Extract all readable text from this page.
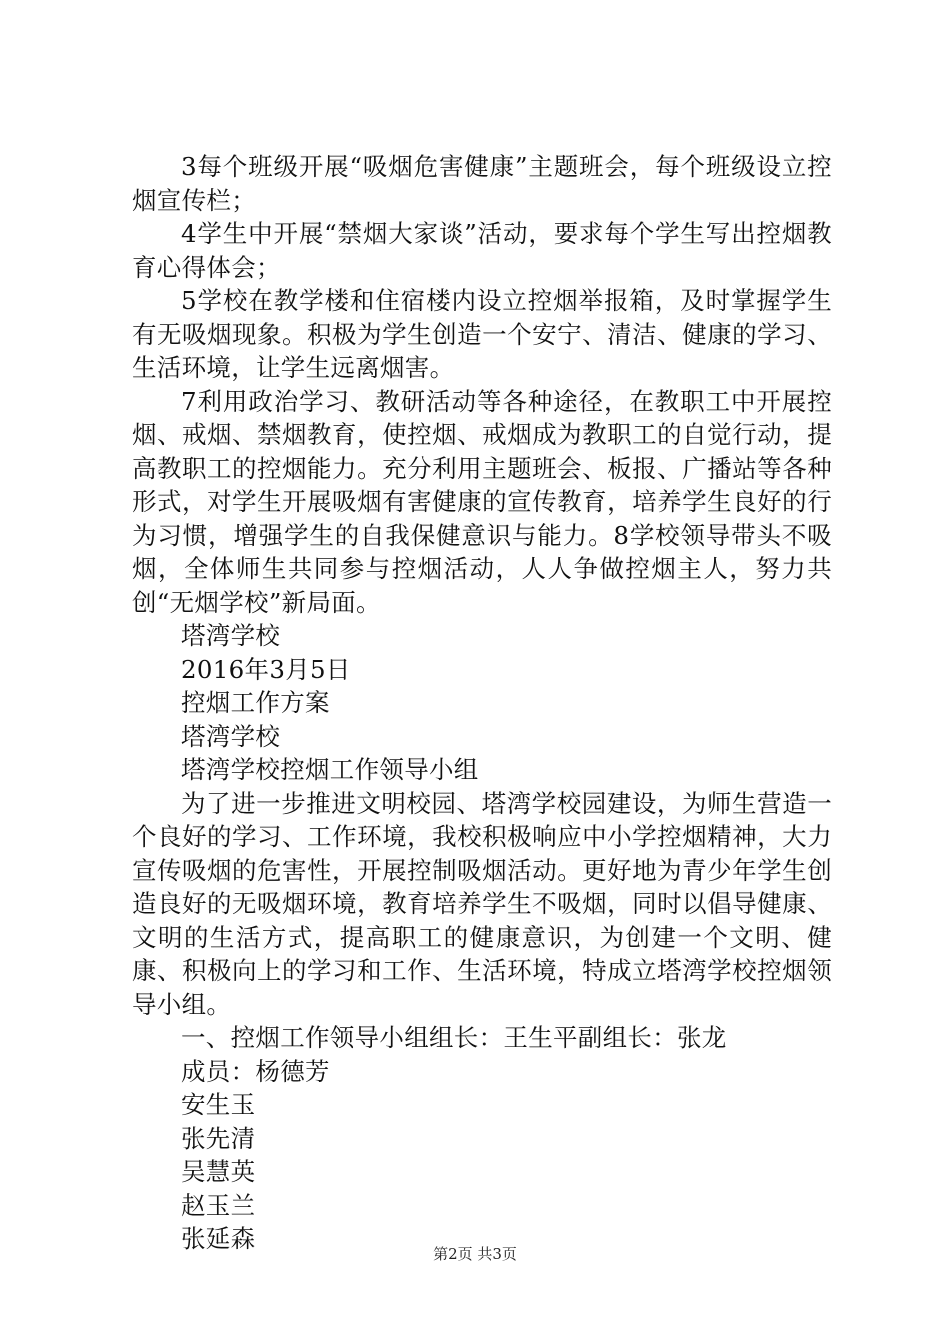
3每个班级开展“吸烟危害健康”主题班会，每个班级设立控烟宣传栏；

4学生中开展“禁烟大家谈”活动，要求每个学生写出控烟教育心得体会；

5学校在教学楼和住宿楼内设立控烟举报箱，及时掌握学生有无吸烟现象。积极为学生创造一个安宁、清洁、健康的学习、生活环境，让学生远离烟害。

7利用政治学习、教研活动等各种途径，在教职工中开展控烟、戒烟、禁烟教育，使控烟、戒烟成为教职工的自觉行动，提高教职工的控烟能力。充分利用主题班会、板报、广播站等各种形式，对学生开展吸烟有害健康的宣传教育，培养学生良好的行为习惯，增强学生的自我保健意识与能力。8学校领导带头不吸烟，全体师生共同参与控烟活动，人人争做控烟主人，努力共创“无烟学校”新局面。

塔湾学校

2016年3月5日

控烟工作方案

塔湾学校

塔湾学校控烟工作领导小组

为了进一步推进文明校园、塔湾学校园建设，为师生营造一个良好的学习、工作环境，我校积极响应中小学控烟精神，大力宣传吸烟的危害性，开展控制吸烟活动。更好地为青少年学生创造良好的无吸烟环境，教育培养学生不吸烟，同时以倡导健康、文明的生活方式，提高职工的健康意识，为创建一个文明、健康、积极向上的学习和工作、生活环境，特成立塔湾学校控烟领导小组。

一、控烟工作领导小组组长：王生平副组长：张龙

成员：杨德芳

安生玉

张先清

吴慧英

赵玉兰

张延森

第2页 共3页
